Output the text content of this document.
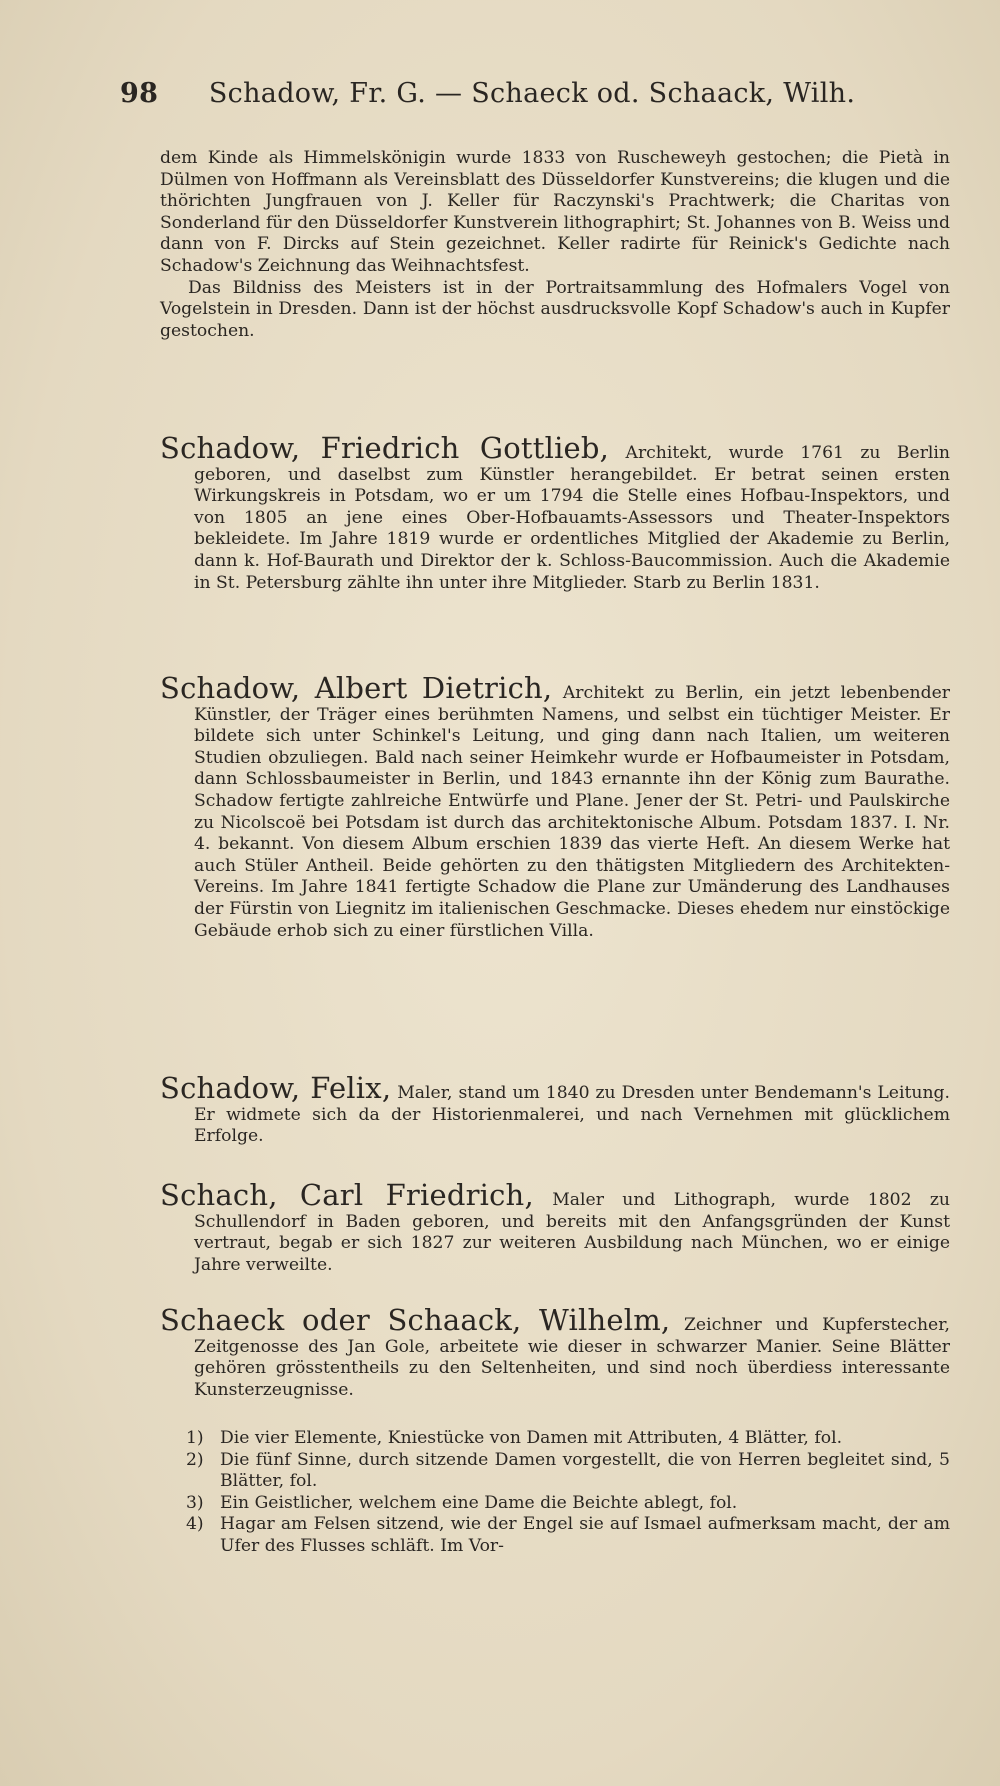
98 Schadow, Fr. G. — Schaeck od. Schaack, Wilh.

dem Kinde als Himmelskönigin wurde 1833 von Ruscheweyh gestochen; die Pietà in Dülmen von Hoffmann als Vereinsblatt des Düsseldorfer Kunstvereins; die klugen und die thörichten Jungfrauen von J. Keller für Raczynski's Prachtwerk; die Charitas von Sonderland für den Düsseldorfer Kunstverein lithographirt; St. Johannes von B. Weiss und dann von F. Dircks auf Stein gezeichnet. Keller radirte für Reinick's Gedichte nach Schadow's Zeichnung das Weihnachtsfest.

Das Bildniss des Meisters ist in der Portraitsammlung des Hofmalers Vogel von Vogelstein in Dresden. Dann ist der höchst ausdrucksvolle Kopf Schadow's auch in Kupfer gestochen.

Schadow, Friedrich Gottlieb, Architekt, wurde 1761 zu Berlin geboren, und daselbst zum Künstler herangebildet. Er betrat seinen ersten Wirkungskreis in Potsdam, wo er um 1794 die Stelle eines Hofbau-Inspektors, und von 1805 an jene eines Ober-Hofbauamts-Assessors und Theater-Inspektors bekleidete. Im Jahre 1819 wurde er ordentliches Mitglied der Akademie zu Berlin, dann k. Hof-Baurath und Direktor der k. Schloss-Baucommission. Auch die Akademie in St. Petersburg zählte ihn unter ihre Mitglieder. Starb zu Berlin 1831.

Schadow, Albert Dietrich, Architekt zu Berlin, ein jetzt lebenbender Künstler, der Träger eines berühmten Namens, und selbst ein tüchtiger Meister. Er bildete sich unter Schinkel's Leitung, und ging dann nach Italien, um weiteren Studien obzuliegen. Bald nach seiner Heimkehr wurde er Hofbaumeister in Potsdam, dann Schlossbaumeister in Berlin, und 1843 ernannte ihn der König zum Baurathe. Schadow fertigte zahlreiche Entwürfe und Plane. Jener der St. Petri- und Paulskirche zu Nicolscoë bei Potsdam ist durch das architektonische Album. Potsdam 1837. I. Nr. 4. bekannt. Von diesem Album erschien 1839 das vierte Heft. An diesem Werke hat auch Stüler Antheil. Beide gehörten zu den thätigsten Mitgliedern des Architekten-Vereins. Im Jahre 1841 fertigte Schadow die Plane zur Umänderung des Landhauses der Fürstin von Liegnitz im italienischen Geschmacke. Dieses ehedem nur einstöckige Gebäude erhob sich zu einer fürstlichen Villa.

Schadow, Felix, Maler, stand um 1840 zu Dresden unter Bendemann's Leitung. Er widmete sich da der Historienmalerei, und nach Vernehmen mit glücklichem Erfolge.

Schach, Carl Friedrich, Maler und Lithograph, wurde 1802 zu Schullendorf in Baden geboren, und bereits mit den Anfangsgründen der Kunst vertraut, begab er sich 1827 zur weiteren Ausbildung nach München, wo er einige Jahre verweilte.

Schaeck oder Schaack, Wilhelm, Zeichner und Kupferstecher, Zeitgenosse des Jan Gole, arbeitete wie dieser in schwarzer Manier. Seine Blätter gehören grösstentheils zu den Seltenheiten, und sind noch überdiess interessante Kunsterzeugnisse.

1) Die vier Elemente, Kniestücke von Damen mit Attributen, 4 Blätter, fol.
2) Die fünf Sinne, durch sitzende Damen vorgestellt, die von Herren begleitet sind, 5 Blätter, fol.
3) Ein Geistlicher, welchem eine Dame die Beichte ablegt, fol.
4) Hagar am Felsen sitzend, wie der Engel sie auf Ismael aufmerksam macht, der am Ufer des Flusses schläft. Im Vor-
